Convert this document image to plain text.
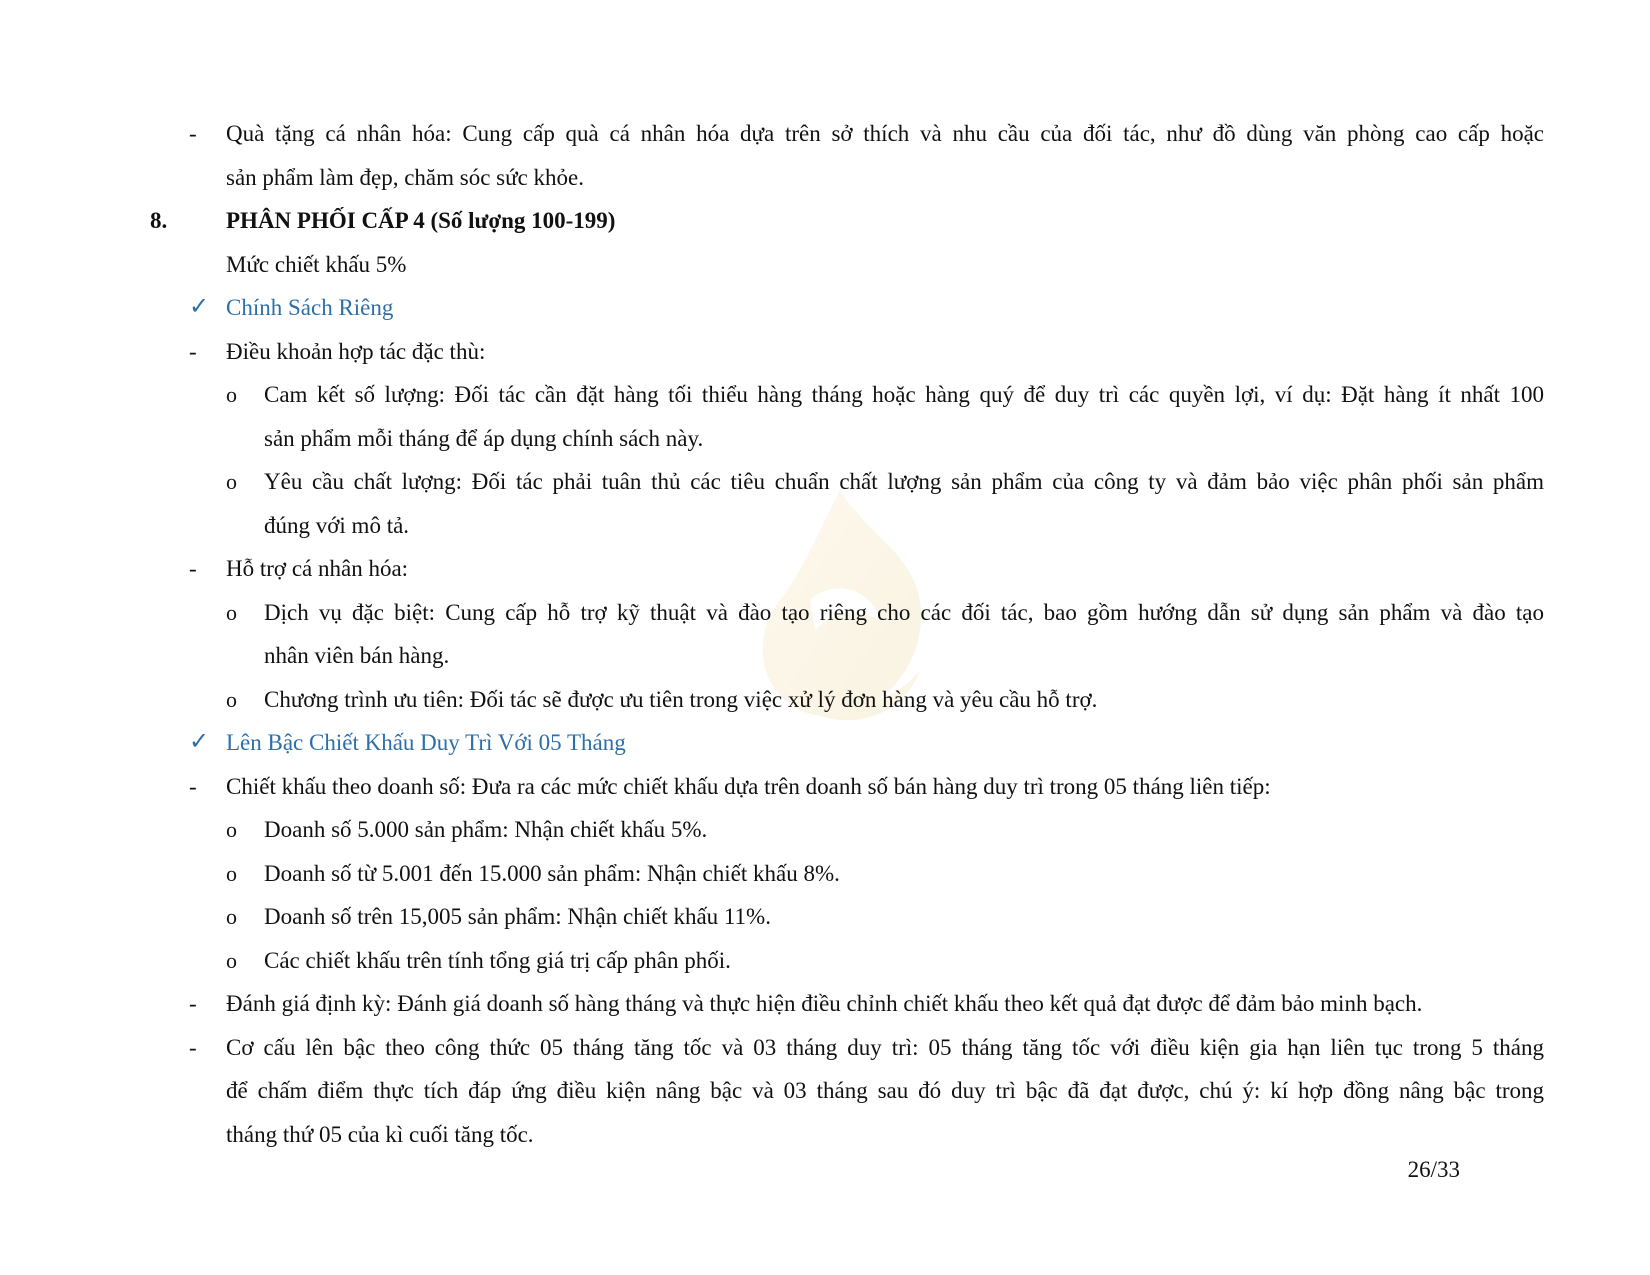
- Quà tặng cá nhân hóa: Cung cấp quà cá nhân hóa dựa trên sở thích và nhu cầu của đối tác, như đồ dùng văn phòng cao cấp hoặc
sản phẩm làm đẹp, chăm sóc sức khỏe.
8.	PHÂN PHỐI CẤP 4 (Số lượng 100-199)
Mức chiết khấu 5%
✓ Chính Sách Riêng
- Điều khoản hợp tác đặc thù:
o Cam kết số lượng: Đối tác cần đặt hàng tối thiểu hàng tháng hoặc hàng quý để duy trì các quyền lợi, ví dụ: Đặt hàng ít nhất 100
sản phẩm mỗi tháng để áp dụng chính sách này.
o Yêu cầu chất lượng: Đối tác phải tuân thủ các tiêu chuẩn chất lượng sản phẩm của công ty và đảm bảo việc phân phối sản phẩm
đúng với mô tả.
- Hỗ trợ cá nhân hóa:
o Dịch vụ đặc biệt: Cung cấp hỗ trợ kỹ thuật và đào tạo riêng cho các đối tác, bao gồm hướng dẫn sử dụng sản phẩm và đào tạo
nhân viên bán hàng.
o Chương trình ưu tiên: Đối tác sẽ được ưu tiên trong việc xử lý đơn hàng và yêu cầu hỗ trợ.
✓ Lên Bậc Chiết Khấu Duy Trì Với 05 Tháng
- Chiết khấu theo doanh số: Đưa ra các mức chiết khấu dựa trên doanh số bán hàng duy trì trong 05 tháng liên tiếp:
o Doanh số 5.000 sản phẩm: Nhận chiết khấu 5%.
o Doanh số từ 5.001 đến 15.000 sản phẩm: Nhận chiết khấu 8%.
o Doanh số trên 15,005 sản phẩm: Nhận chiết khấu 11%.
o Các chiết khấu trên tính tổng giá trị cấp phân phối.
- Đánh giá định kỳ: Đánh giá doanh số hàng tháng và thực hiện điều chỉnh chiết khấu theo kết quả đạt được để đảm bảo minh bạch.
- Cơ cấu lên bậc theo công thức 05 tháng tăng tốc và 03 tháng duy trì: 05 tháng tăng tốc với điều kiện gia hạn liên tục trong 5 tháng
để chấm điểm thực tích đáp ứng điều kiện nâng bậc và 03 tháng sau đó duy trì bậc đã đạt được, chú ý: kí hợp đồng nâng bậc trong
tháng thứ 05 của kì cuối tăng tốc.
26/33
